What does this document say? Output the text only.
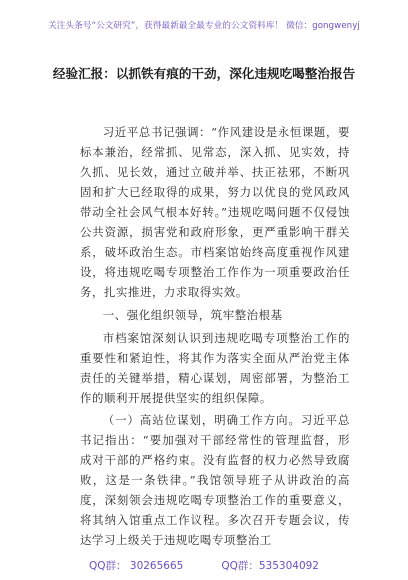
关注头条号“公文研究”，获得最新最全最专业的公文资料库！ 微信：gongwenyj
经验汇报：以抓铁有痕的干劲，深化违规吃喝整治报告

习近平总书记强调：“作风建设是永恒课题，要标本兼治，经常抓、见常态，深入抓、见实效，持久抓、见长效，通过立破并举、扶正祛邪，不断巩固和扩大已经取得的成果，努力以优良的党风政风带动全社会风气根本好转。”违规吃喝问题不仅侵蚀公共资源，损害党和政府形象，更严重影响干群关系，破坏政治生态。市档案馆始终高度重视作风建设，将违规吃喝专项整治工作作为一项重要政治任务，扎实推进，力求取得实效。

一、强化组织领导，筑牢整治根基

市档案馆深刻认识到违规吃喝专项整治工作的重要性和紧迫性，将其作为落实全面从严治党主体责任的关键举措，精心谋划，周密部署，为整治工作的顺利开展提供坚实的组织保障。

（一）高站位谋划，明确工作方向。习近平总书记指出：“要加强对干部经常性的管理监督，形成对干部的严格约束。没有监督的权力必然导致腐败，这是一条铁律。”我馆领导班子从讲政治的高度，深刻领会违规吃喝专项整治工作的重要意义，将其纳入馆重点工作议程。多次召开专题会议，传达学习上级关于违规吃喝专项整治工

QQ群： 30265665	QQ群：535304092
